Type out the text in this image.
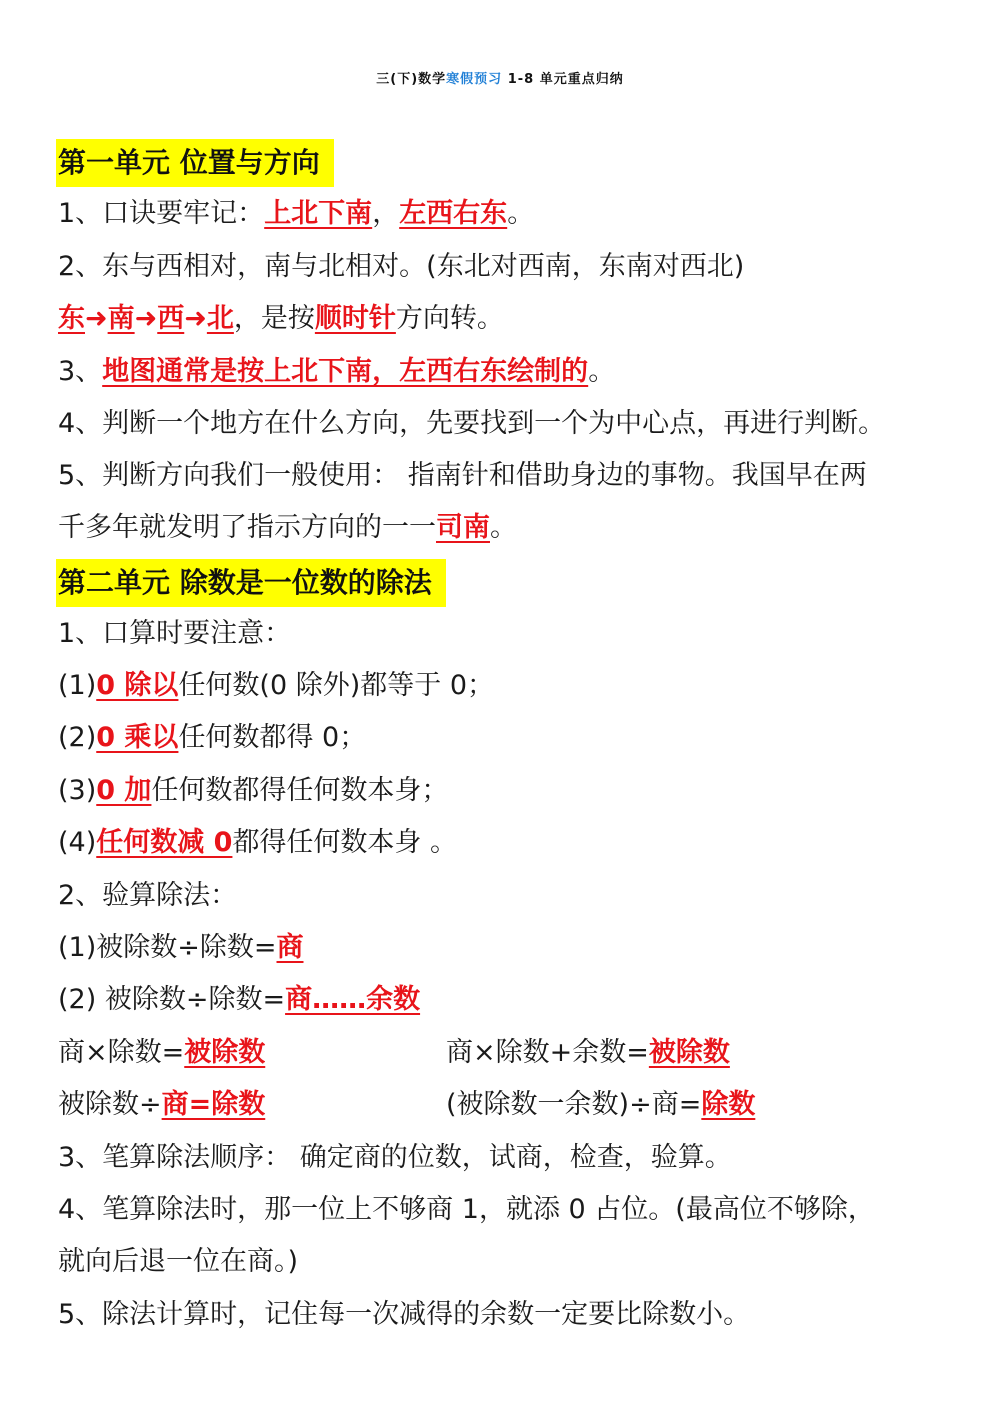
三(下)数学寒假预习 1-8 单元重点归纳
第一单元 位置与方向
1、口诀要牢记：上北下南，左西右东。
2、东与西相对，南与北相对。(东北对西南，东南对西北)
东➜南➜西➜北，是按顺时针方向转。
3、地图通常是按上北下南，左西右东绘制的。
4、判断一个地方在什么方向，先要找到一个为中心点，再进行判断。
5、判断方向我们一般使用： 指南针和借助身边的事物。我国早在两
千多年就发明了指示方向的一一司南。
第二单元 除数是一位数的除法
1、口算时要注意：
(1)0 除以任何数(0 除外)都等于 0；
(2)0 乘以任何数都得 0；
(3)0 加任何数都得任何数本身；
(4)任何数减 0都得任何数本身 。
2、验算除法：
(1)被除数÷除数=商
(2) 被除数÷除数=商……余数
商×除数=被除数	商×除数+余数=被除数
被除数÷商=除数	(被除数一余数)÷商=除数
3、笔算除法顺序： 确定商的位数，试商，检查，验算。
4、笔算除法时，那一位上不够商 1，就添 0 占位。(最高位不够除，
就向后退一位在商。)
5、除法计算时，记住每一次减得的余数一定要比除数小。
